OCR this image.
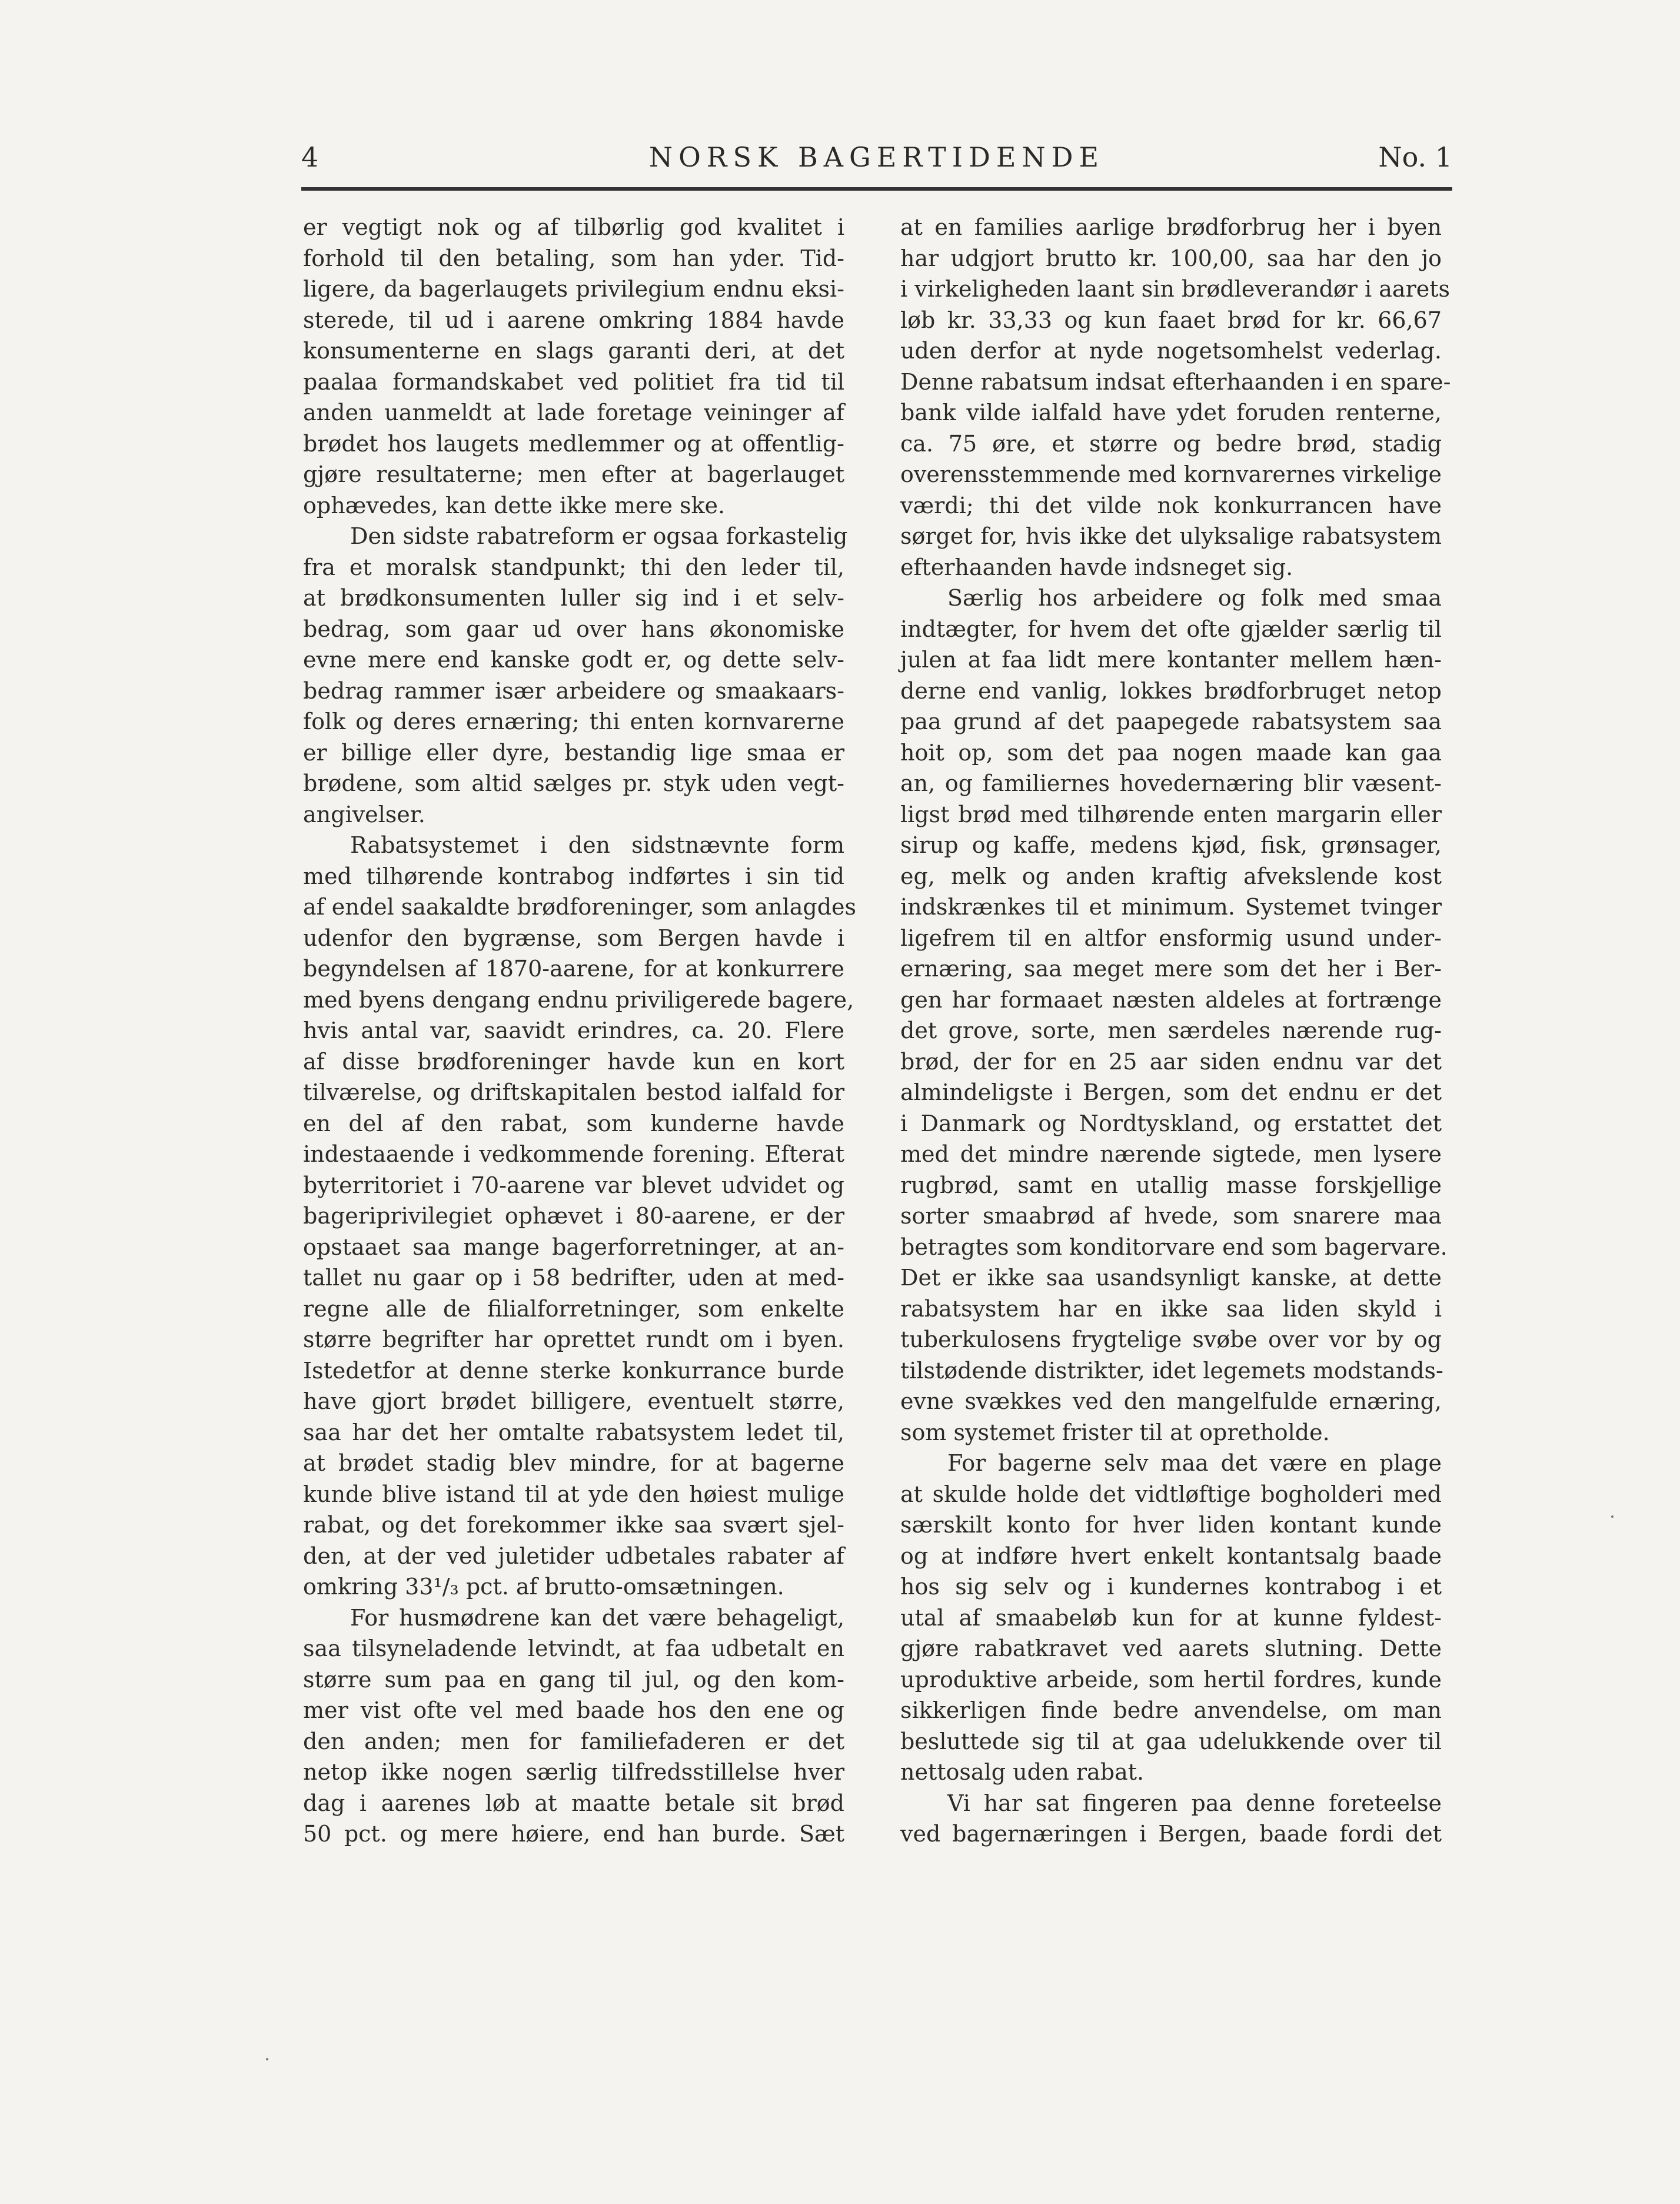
4	NORSK BAGERTIDENDE	No. 1
er vegtigt nok og af tilbørlig god kvalitet i
forhold til den betaling, som han yder. Tid-
ligere, da bagerlaugets privilegium endnu eksi-
sterede, til ud i aarene omkring 1884 havde
konsumenterne en slags garanti deri, at det
paalaa formandskabet ved politiet fra tid til
anden uanmeldt at lade foretage veininger af
brødet hos laugets medlemmer og at offentlig-
gjøre resultaterne; men efter at bagerlauget
ophævedes, kan dette ikke mere ske.
Den sidste rabatreform er ogsaa forkastelig
fra et moralsk standpunkt; thi den leder til,
at brødkonsumenten luller sig ind i et selv-
bedrag, som gaar ud over hans økonomiske
evne mere end kanske godt er, og dette selv-
bedrag rammer især arbeidere og smaakaars-
folk og deres ernæring; thi enten kornvarerne
er billige eller dyre, bestandig lige smaa er
brødene, som altid sælges pr. styk uden vegt-
angivelser.
Rabatsystemet i den sidstnævnte form
med tilhørende kontrabog indførtes i sin tid
af endel saakaldte brødforeninger, som anlagdes
udenfor den bygrænse, som Bergen havde i
begyndelsen af 1870-aarene, for at konkurrere
med byens dengang endnu priviligerede bagere,
hvis antal var, saavidt erindres, ca. 20. Flere
af disse brødforeninger havde kun en kort
tilværelse, og driftskapitalen bestod ialfald for
en del af den rabat, som kunderne havde
indestaaende i vedkommende forening. Efterat
byterritoriet i 70-aarene var blevet udvidet og
bageriprivilegiet ophævet i 80-aarene, er der
opstaaet saa mange bagerforretninger, at an-
tallet nu gaar op i 58 bedrifter, uden at med-
regne alle de filialforretninger, som enkelte
større begrifter har oprettet rundt om i byen.
Istedetfor at denne sterke konkurrance burde
have gjort brødet billigere, eventuelt større,
saa har det her omtalte rabatsystem ledet til,
at brødet stadig blev mindre, for at bagerne
kunde blive istand til at yde den høiest mulige
rabat, og det forekommer ikke saa svært sjel-
den, at der ved juletider udbetales rabater af
omkring 33¹/₃ pct. af brutto-omsætningen.
For husmødrene kan det være behageligt,
saa tilsyneladende letvindt, at faa udbetalt en
større sum paa en gang til jul, og den kom-
mer vist ofte vel med baade hos den ene og
den anden; men for familiefaderen er det
netop ikke nogen særlig tilfredsstillelse hver
dag i aarenes løb at maatte betale sit brød
50 pct. og mere høiere, end han burde. Sæt
at en families aarlige brødforbrug her i byen
har udgjort brutto kr. 100,00, saa har den jo
i virkeligheden laant sin brødleverandør i aarets
løb kr. 33,33 og kun faaet brød for kr. 66,67
uden derfor at nyde nogetsomhelst vederlag.
Denne rabatsum indsat efterhaanden i en spare-
bank vilde ialfald have ydet foruden renterne,
ca. 75 øre, et større og bedre brød, stadig
overensstemmende med kornvarernes virkelige
værdi; thi det vilde nok konkurrancen have
sørget for, hvis ikke det ulyksalige rabatsystem
efterhaanden havde indsneget sig.
Særlig hos arbeidere og folk med smaa
indtægter, for hvem det ofte gjælder særlig til
julen at faa lidt mere kontanter mellem hæn-
derne end vanlig, lokkes brødforbruget netop
paa grund af det paapegede rabatsystem saa
hoit op, som det paa nogen maade kan gaa
an, og familiernes hovedernæring blir væsent-
ligst brød med tilhørende enten margarin eller
sirup og kaffe, medens kjød, fisk, grønsager,
eg, melk og anden kraftig afvekslende kost
indskrænkes til et minimum. Systemet tvinger
ligefrem til en altfor ensformig usund under-
ernæring, saa meget mere som det her i Ber-
gen har formaaet næsten aldeles at fortrænge
det grove, sorte, men særdeles nærende rug-
brød, der for en 25 aar siden endnu var det
almindeligste i Bergen, som det endnu er det
i Danmark og Nordtyskland, og erstattet det
med det mindre nærende sigtede, men lysere
rugbrød, samt en utallig masse forskjellige
sorter smaabrød af hvede, som snarere maa
betragtes som konditorvare end som bagervare.
Det er ikke saa usandsynligt kanske, at dette
rabatsystem har en ikke saa liden skyld i
tuberkulosens frygtelige svøbe over vor by og
tilstødende distrikter, idet legemets modstands-
evne svækkes ved den mangelfulde ernæring,
som systemet frister til at opretholde.
For bagerne selv maa det være en plage
at skulde holde det vidtløftige bogholderi med
særskilt konto for hver liden kontant kunde
og at indføre hvert enkelt kontantsalg baade
hos sig selv og i kundernes kontrabog i et
utal af smaabeløb kun for at kunne fyldest-
gjøre rabatkravet ved aarets slutning. Dette
uproduktive arbeide, som hertil fordres, kunde
sikkerligen finde bedre anvendelse, om man
besluttede sig til at gaa udelukkende over til
nettosalg uden rabat.
Vi har sat fingeren paa denne foreteelse
ved bagernæringen i Bergen, baade fordi det
